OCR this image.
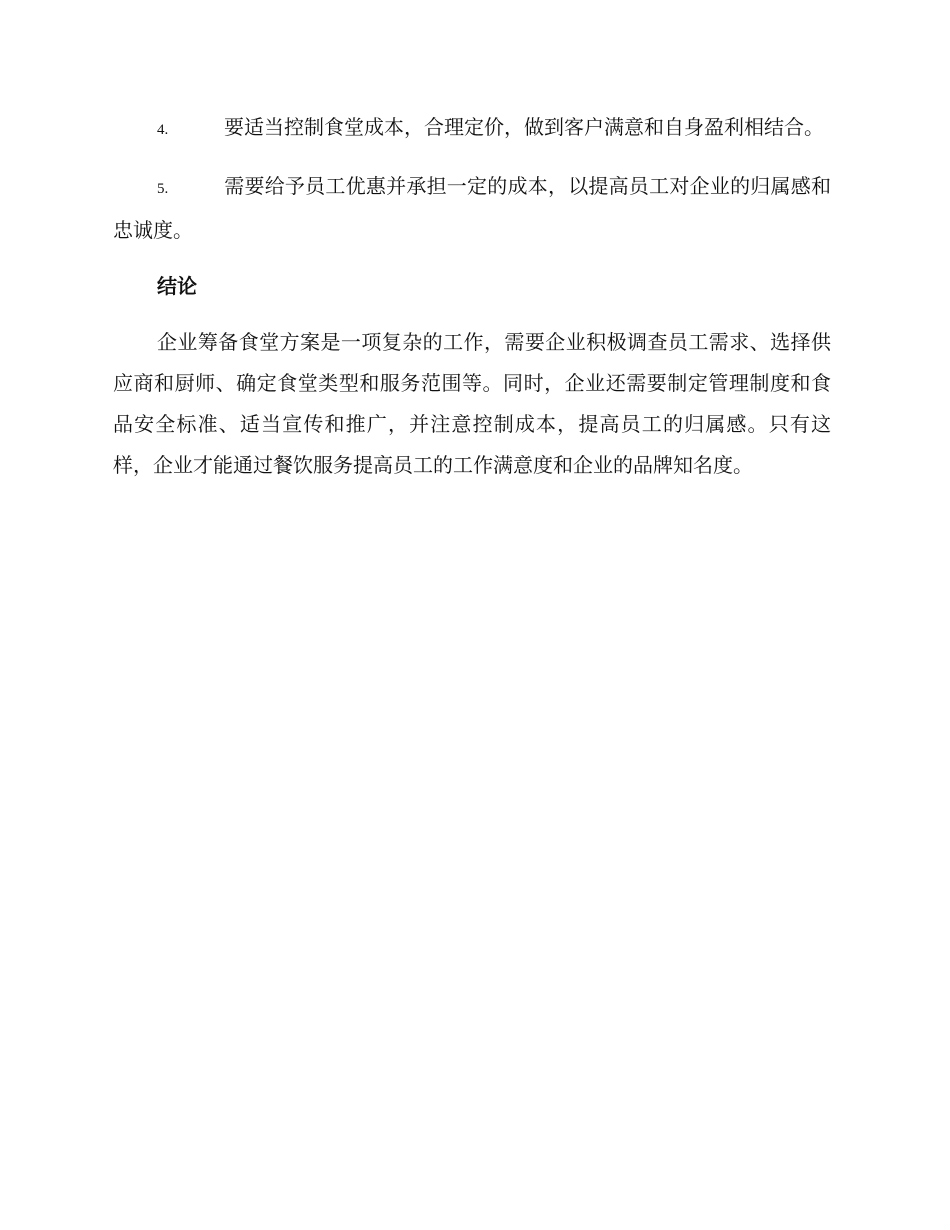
4.	要适当控制食堂成本，合理定价，做到客户满意和自身盈利相结合。

5.	需要给予员工优惠并承担一定的成本，以提高员工对企业的归属感和忠诚度。

结论

企业筹备食堂方案是一项复杂的工作，需要企业积极调查员工需求、选择供应商和厨师、确定食堂类型和服务范围等。同时，企业还需要制定管理制度和食品安全标准、适当宣传和推广，并注意控制成本，提高员工的归属感。只有这样，企业才能通过餐饮服务提高员工的工作满意度和企业的品牌知名度。
